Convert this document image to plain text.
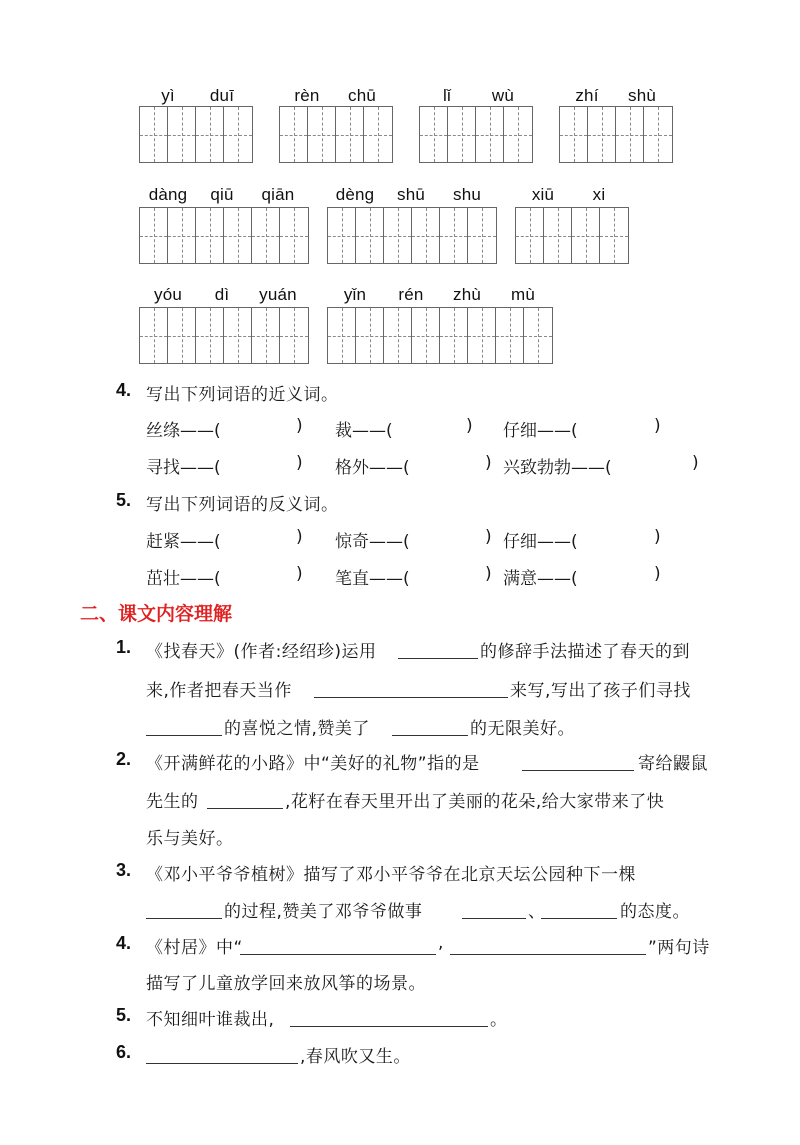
yì duī	rèn chū	lǐ wù	zhí shù
dàng qiū qiān dèng shū shu	xiū xi
yóu dì yuán	yǐn rén zhù mù
4. 写出下列词语的近义词。
丝绦——(	) 裁——(	) 仔细——(	)
寻找——(	) 格外——(	) 兴致勃勃——(	)
5. 写出下列词语的反义词。
赶紧——(	) 惊奇——(	) 仔细——(	)
茁壮——(	) 笔直——(	) 满意——(	)
二、课文内容理解
1. 《找春天》(作者:经绍珍)运用	的修辞手法描述了春天的到
来,作者把春天当作	来写,写出了孩子们寻找
的喜悦之情,赞美了	的无限美好。
2. 《开满鲜花的小路》中“美好的礼物”指的是	寄给鼹鼠
先生的	,花籽在春天里开出了美丽的花朵,给大家带来了快
乐与美好。
3. 《邓小平爷爷植树》描写了邓小平爷爷在北京天坛公园种下一棵
的过程,赞美了邓爷爷做事	、	的态度。
4. 《村居》中“	,	”两句诗
描写了儿童放学回来放风筝的场景。
5. 不知细叶谁裁出,	。
6.	,春风吹又生。
